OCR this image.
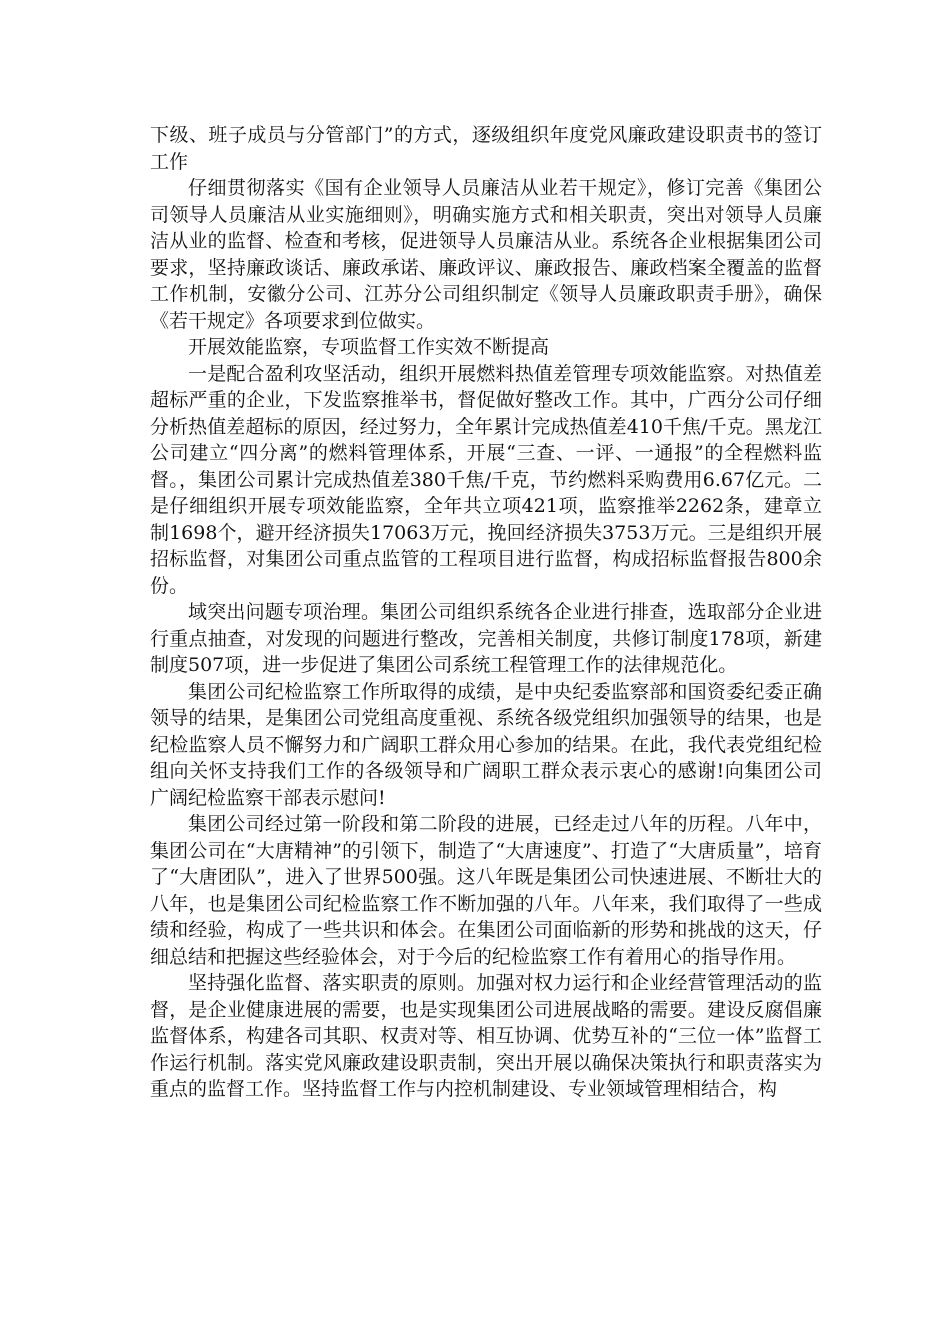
下级、班子成员与分管部门”的方式，逐级组织年度党风廉政建设职责书的签订工作

仔细贯彻落实《国有企业领导人员廉洁从业若干规定》，修订完善《集团公司领导人员廉洁从业实施细则》，明确实施方式和相关职责，突出对领导人员廉洁从业的监督、检查和考核，促进领导人员廉洁从业。系统各企业根据集团公司要求，坚持廉政谈话、廉政承诺、廉政评议、廉政报告、廉政档案全覆盖的监督工作机制，安徽分公司、江苏分公司组织制定《领导人员廉政职责手册》，确保《若干规定》各项要求到位做实。

开展效能监察，专项监督工作实效不断提高

一是配合盈利攻坚活动，组织开展燃料热值差管理专项效能监察。对热值差超标严重的企业，下发监察推举书，督促做好整改工作。其中，广西分公司仔细分析热值差超标的原因，经过努力，全年累计完成热值差410千焦/千克。黑龙江公司建立“四分离”的燃料管理体系，开展“三查、一评、一通报”的全程燃料监督。，集团公司累计完成热值差380千焦/千克，节约燃料采购费用6.67亿元。二是仔细组织开展专项效能监察，全年共立项421项，监察推举2262条，建章立制1698个，避开经济损失17063万元，挽回经济损失3753万元。三是组织开展招标监督，对集团公司重点监管的工程项目进行监督，构成招标监督报告800余份。

域突出问题专项治理。集团公司组织系统各企业进行排查，选取部分企业进行重点抽查，对发现的问题进行整改，完善相关制度，共修订制度178项，新建制度507项，进一步促进了集团公司系统工程管理工作的法律规范化。

集团公司纪检监察工作所取得的成绩，是中央纪委监察部和国资委纪委正确领导的结果，是集团公司党组高度重视、系统各级党组织加强领导的结果，也是纪检监察人员不懈努力和广阔职工群众用心参加的结果。在此，我代表党组纪检组向关怀支持我们工作的各级领导和广阔职工群众表示衷心的感谢!向集团公司广阔纪检监察干部表示慰问!

集团公司经过第一阶段和第二阶段的进展，已经走过八年的历程。八年中，集团公司在“大唐精神”的引领下，制造了“大唐速度”、打造了“大唐质量”，培育了“大唐团队”，进入了世界500强。这八年既是集团公司快速进展、不断壮大的八年，也是集团公司纪检监察工作不断加强的八年。八年来，我们取得了一些成绩和经验，构成了一些共识和体会。在集团公司面临新的形势和挑战的这天，仔细总结和把握这些经验体会，对于今后的纪检监察工作有着用心的指导作用。

坚持强化监督、落实职责的原则。加强对权力运行和企业经营管理活动的监督，是企业健康进展的需要，也是实现集团公司进展战略的需要。建设反腐倡廉监督体系，构建各司其职、权责对等、相互协调、优势互补的“三位一体”监督工作运行机制。落实党风廉政建设职责制，突出开展以确保决策执行和职责落实为重点的监督工作。坚持监督工作与内控机制建设、专业领域管理相结合，构
